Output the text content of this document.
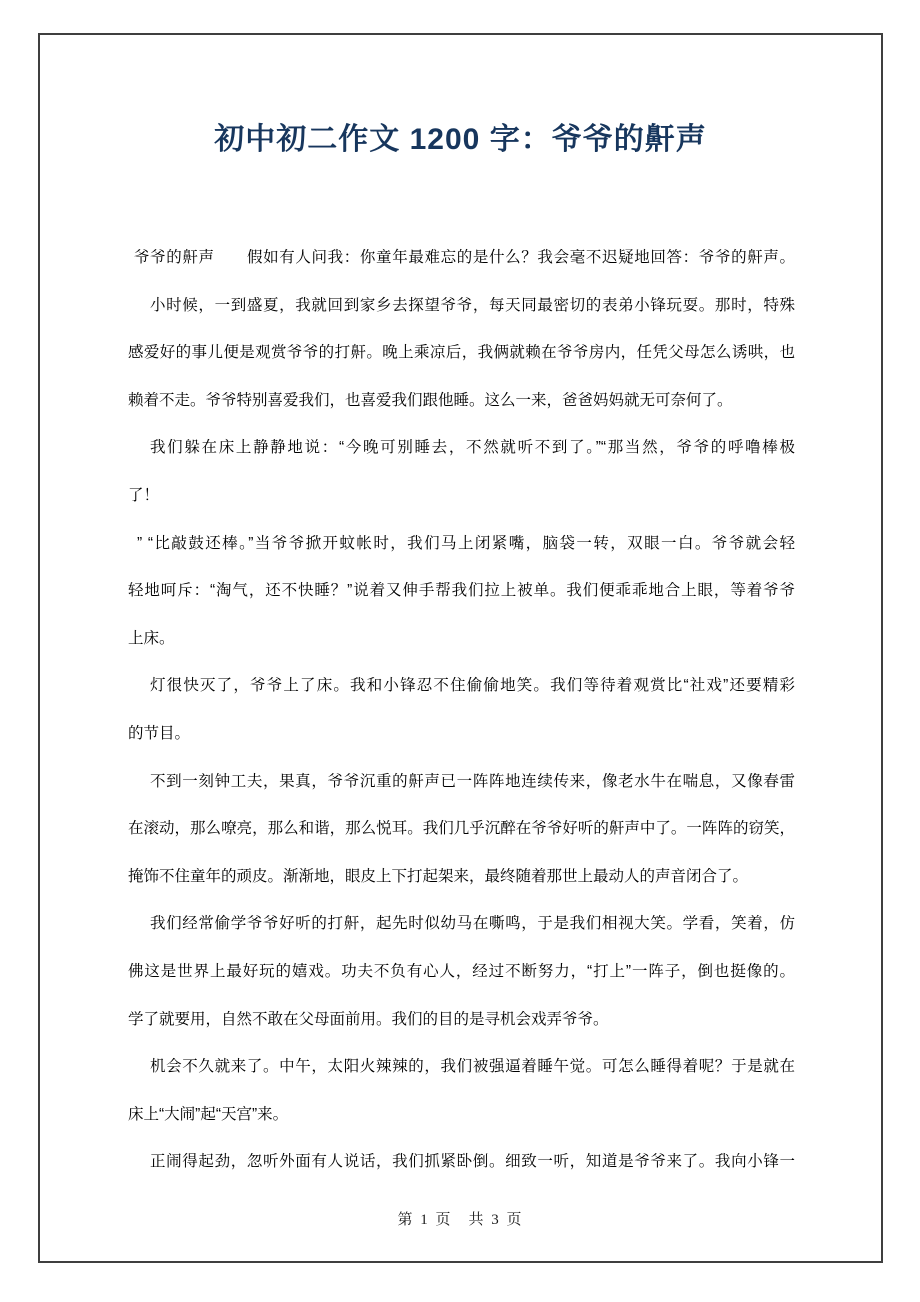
初中初二作文 1200 字：爷爷的鼾声
爷爷的鼾声　　假如有人问我：你童年最难忘的是什么？我会毫不迟疑地回答：爷爷的鼾声。
小时候，一到盛夏，我就回到家乡去探望爷爷，每天同最密切的表弟小锋玩耍。那时，特殊
感爱好的事儿便是观赏爷爷的打鼾。晚上乘凉后，我俩就赖在爷爷房内，任凭父母怎么诱哄，也
赖着不走。爷爷特别喜爱我们，也喜爱我们跟他睡。这么一来，爸爸妈妈就无可奈何了。
我们躲在床上静静地说：“今晚可别睡去，不然就听不到了。”“那当然，爷爷的呼噜棒极
了！
” “比敲鼓还棒。”当爷爷掀开蚊帐时，我们马上闭紧嘴，脑袋一转，双眼一白。爷爷就会轻
轻地呵斥：“淘气，还不快睡？”说着又伸手帮我们拉上被单。我们便乖乖地合上眼，等着爷爷
上床。
灯很快灭了，爷爷上了床。我和小锋忍不住偷偷地笑。我们等待着观赏比“社戏”还要精彩
的节目。
不到一刻钟工夫，果真，爷爷沉重的鼾声已一阵阵地连续传来，像老水牛在喘息，又像春雷
在滚动，那么嘹亮，那么和谐，那么悦耳。我们几乎沉醉在爷爷好听的鼾声中了。一阵阵的窃笑，
掩饰不住童年的顽皮。渐渐地，眼皮上下打起架来，最终随着那世上最动人的声音闭合了。
我们经常偷学爷爷好听的打鼾，起先时似幼马在嘶鸣，于是我们相视大笑。学看，笑着，仿
佛这是世界上最好玩的嬉戏。功夫不负有心人，经过不断努力，“打上”一阵子，倒也挺像的。
学了就要用，自然不敢在父母面前用。我们的目的是寻机会戏弄爷爷。
机会不久就来了。中午，太阳火辣辣的，我们被强逼着睡午觉。可怎么睡得着呢？于是就在
床上“大闹”起“天宫”来。
正闹得起劲，忽听外面有人说话，我们抓紧卧倒。细致一听，知道是爷爷来了。我向小锋一
第 1 页 共 3 页
